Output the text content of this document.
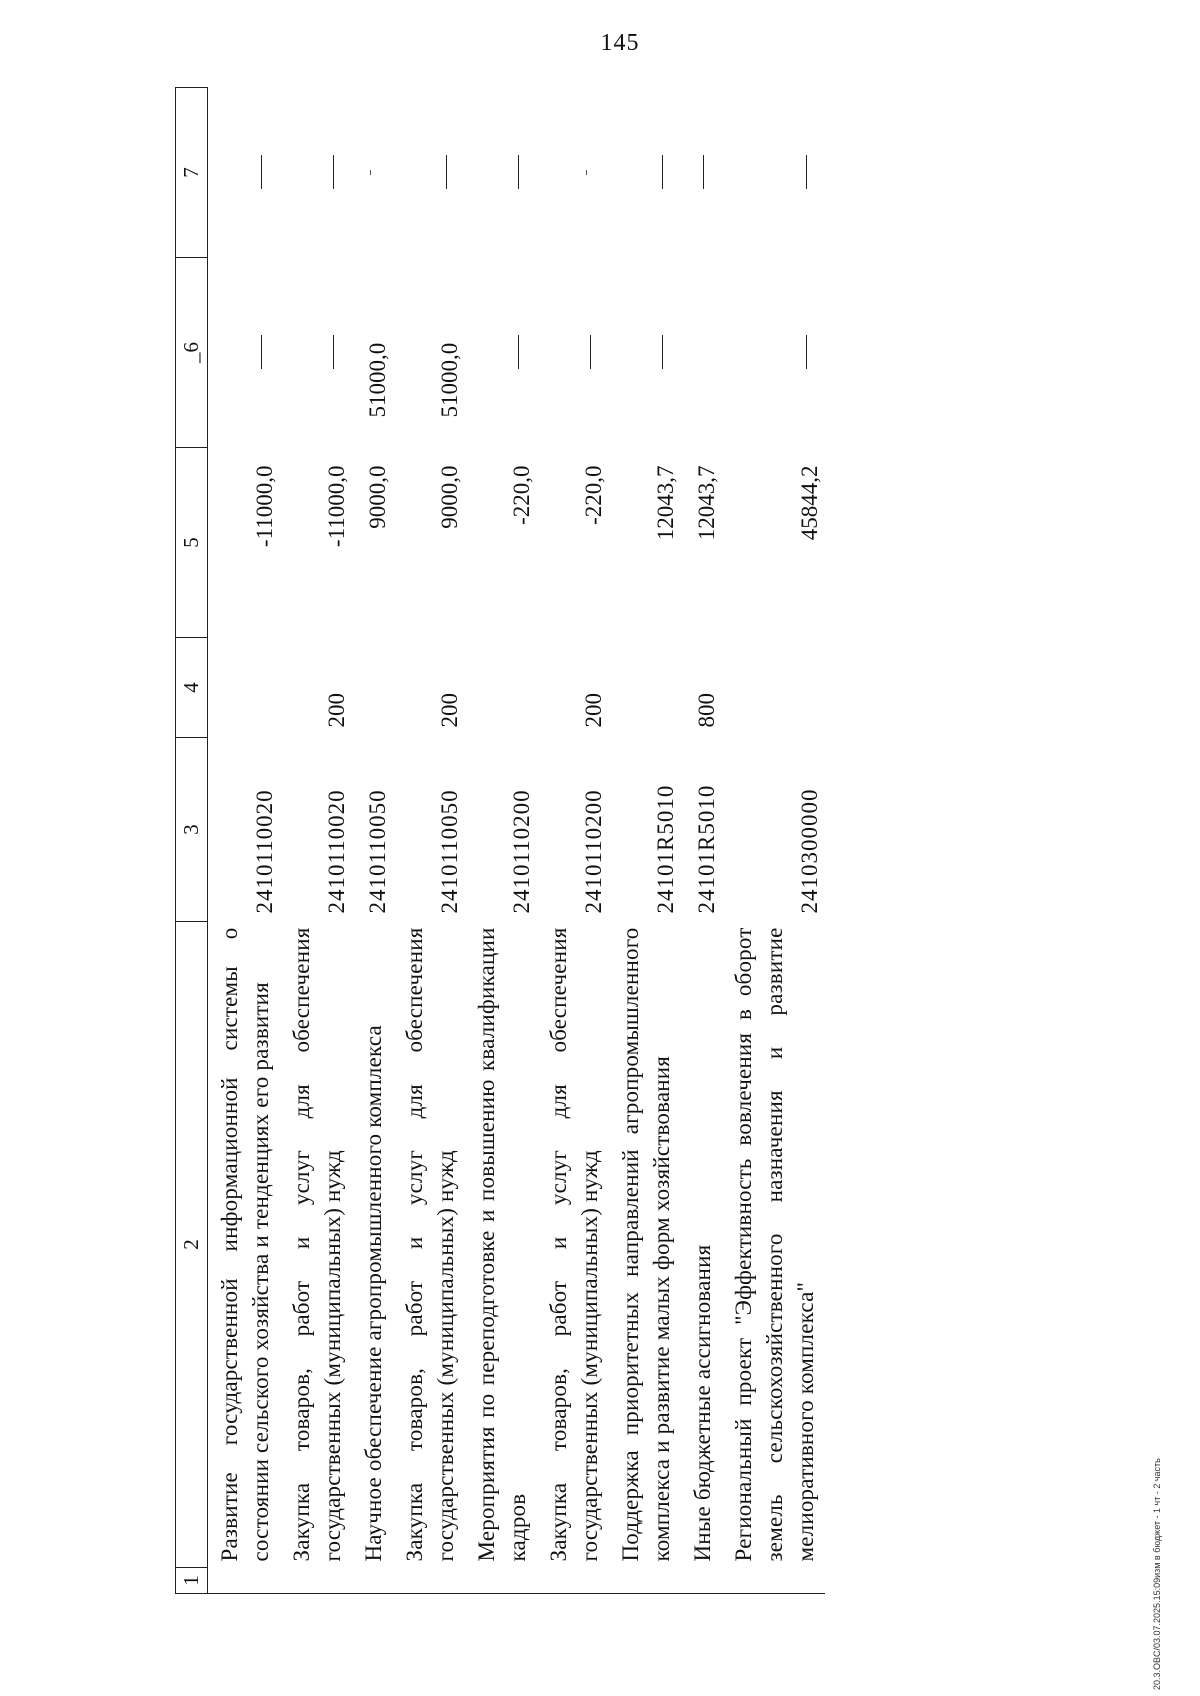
145
1	2	3	4	5	_6	7
	Развитие государственной информационной системы о состоянии сельского хозяйства и тенденциях его развития	2410110020		-11000,0		
	Закупка товаров, работ и услуг для обеспечения государственных (муниципальных) нужд	2410110020	200	-11000,0		
	Научное обеспечение агропромышленного комплекса	2410110050		9000,0	51000,0	
	Закупка товаров, работ и услуг для обеспечения государственных (муниципальных) нужд	2410110050	200	9000,0	51000,0	
	Мероприятия по переподготовке и повышению квалификации кадров	2410110200		-220,0		
	Закупка товаров, работ и услуг для обеспечения государственных (муниципальных) нужд	2410110200	200	-220,0		
	Поддержка приоритетных направлений агропромышленного комплекса и развитие малых форм хозяйствования	24101R5010		12043,7		
	Иные бюджетные ассигнования	24101R5010	800	12043,7		
	Региональный проект "Эффективность вовлечения в оборот земель сельскохозяйственного назначения и развитие мелиоративного комплекса"	2410300000		45844,2		
20.3.OBC/03.07.2025.15:09изм в бюджет - 1 чт - 2 часть
